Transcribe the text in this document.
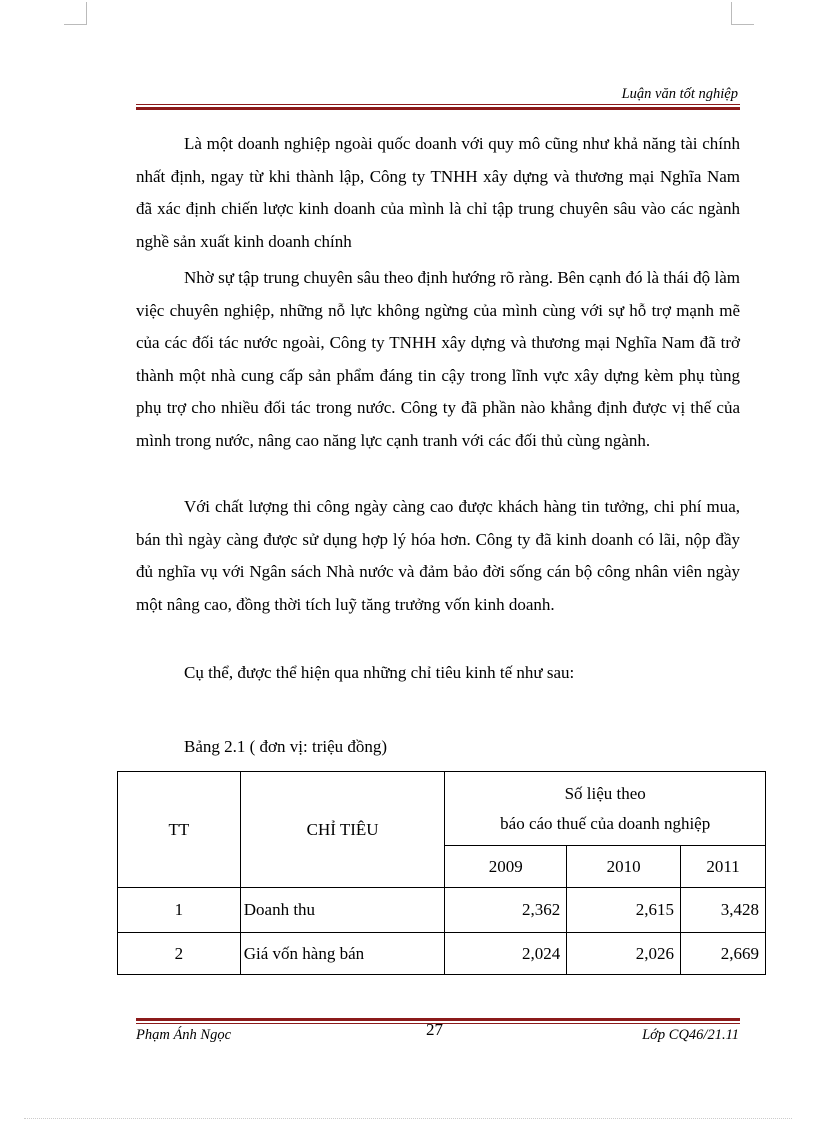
Luận văn tốt nghiệp

Là một doanh nghiệp ngoài quốc doanh với quy mô cũng như khả năng tài chính nhất định, ngay từ khi thành lập, Công ty TNHH xây dựng và thương mại Nghĩa Nam đã xác định chiến lược kinh doanh của mình là chỉ tập trung chuyên sâu vào các ngành nghề sản xuất kinh doanh chính

Nhờ sự tập trung chuyên sâu theo định hướng rõ ràng. Bên cạnh đó là thái độ làm việc chuyên nghiệp, những nỗ lực không ngừng của mình cùng với sự hỗ trợ mạnh mẽ của các đối tác nước ngoài, Công ty TNHH xây dựng và thương mại Nghĩa Nam đã trở thành một nhà cung cấp sản phẩm đáng tin cậy trong lĩnh vực xây dựng kèm phụ tùng phụ trợ cho nhiều đối tác trong nước. Công ty đã phần nào khẳng định được vị thế của mình trong nước, nâng cao năng lực cạnh tranh với các đối thủ cùng ngành.

Với chất lượng thi công ngày càng cao được khách hàng tin tưởng, chi phí mua, bán thì ngày càng được sử dụng hợp lý hóa hơn. Công ty đã kinh doanh có lãi, nộp đầy đủ nghĩa vụ với Ngân sách Nhà nước và đảm bảo đời sống cán bộ công nhân viên ngày một nâng cao, đồng thời tích luỹ tăng trưởng vốn kinh doanh.

Cụ thể, được thể hiện qua những chỉ tiêu kinh tế như sau:

Bảng 2.1 ( đơn vị: triệu đồng)
TT	CHỈ TIÊU	Số liệu theo
báo cáo thuế của doanh nghiệp		

		2009	2010	2011
1	Doanh thu	2,362	2,615	3,428
2	Giá vốn hàng bán	2,024	2,026	2,669
Phạm Ánh Ngọc	27	Lớp CQ46/21.11
